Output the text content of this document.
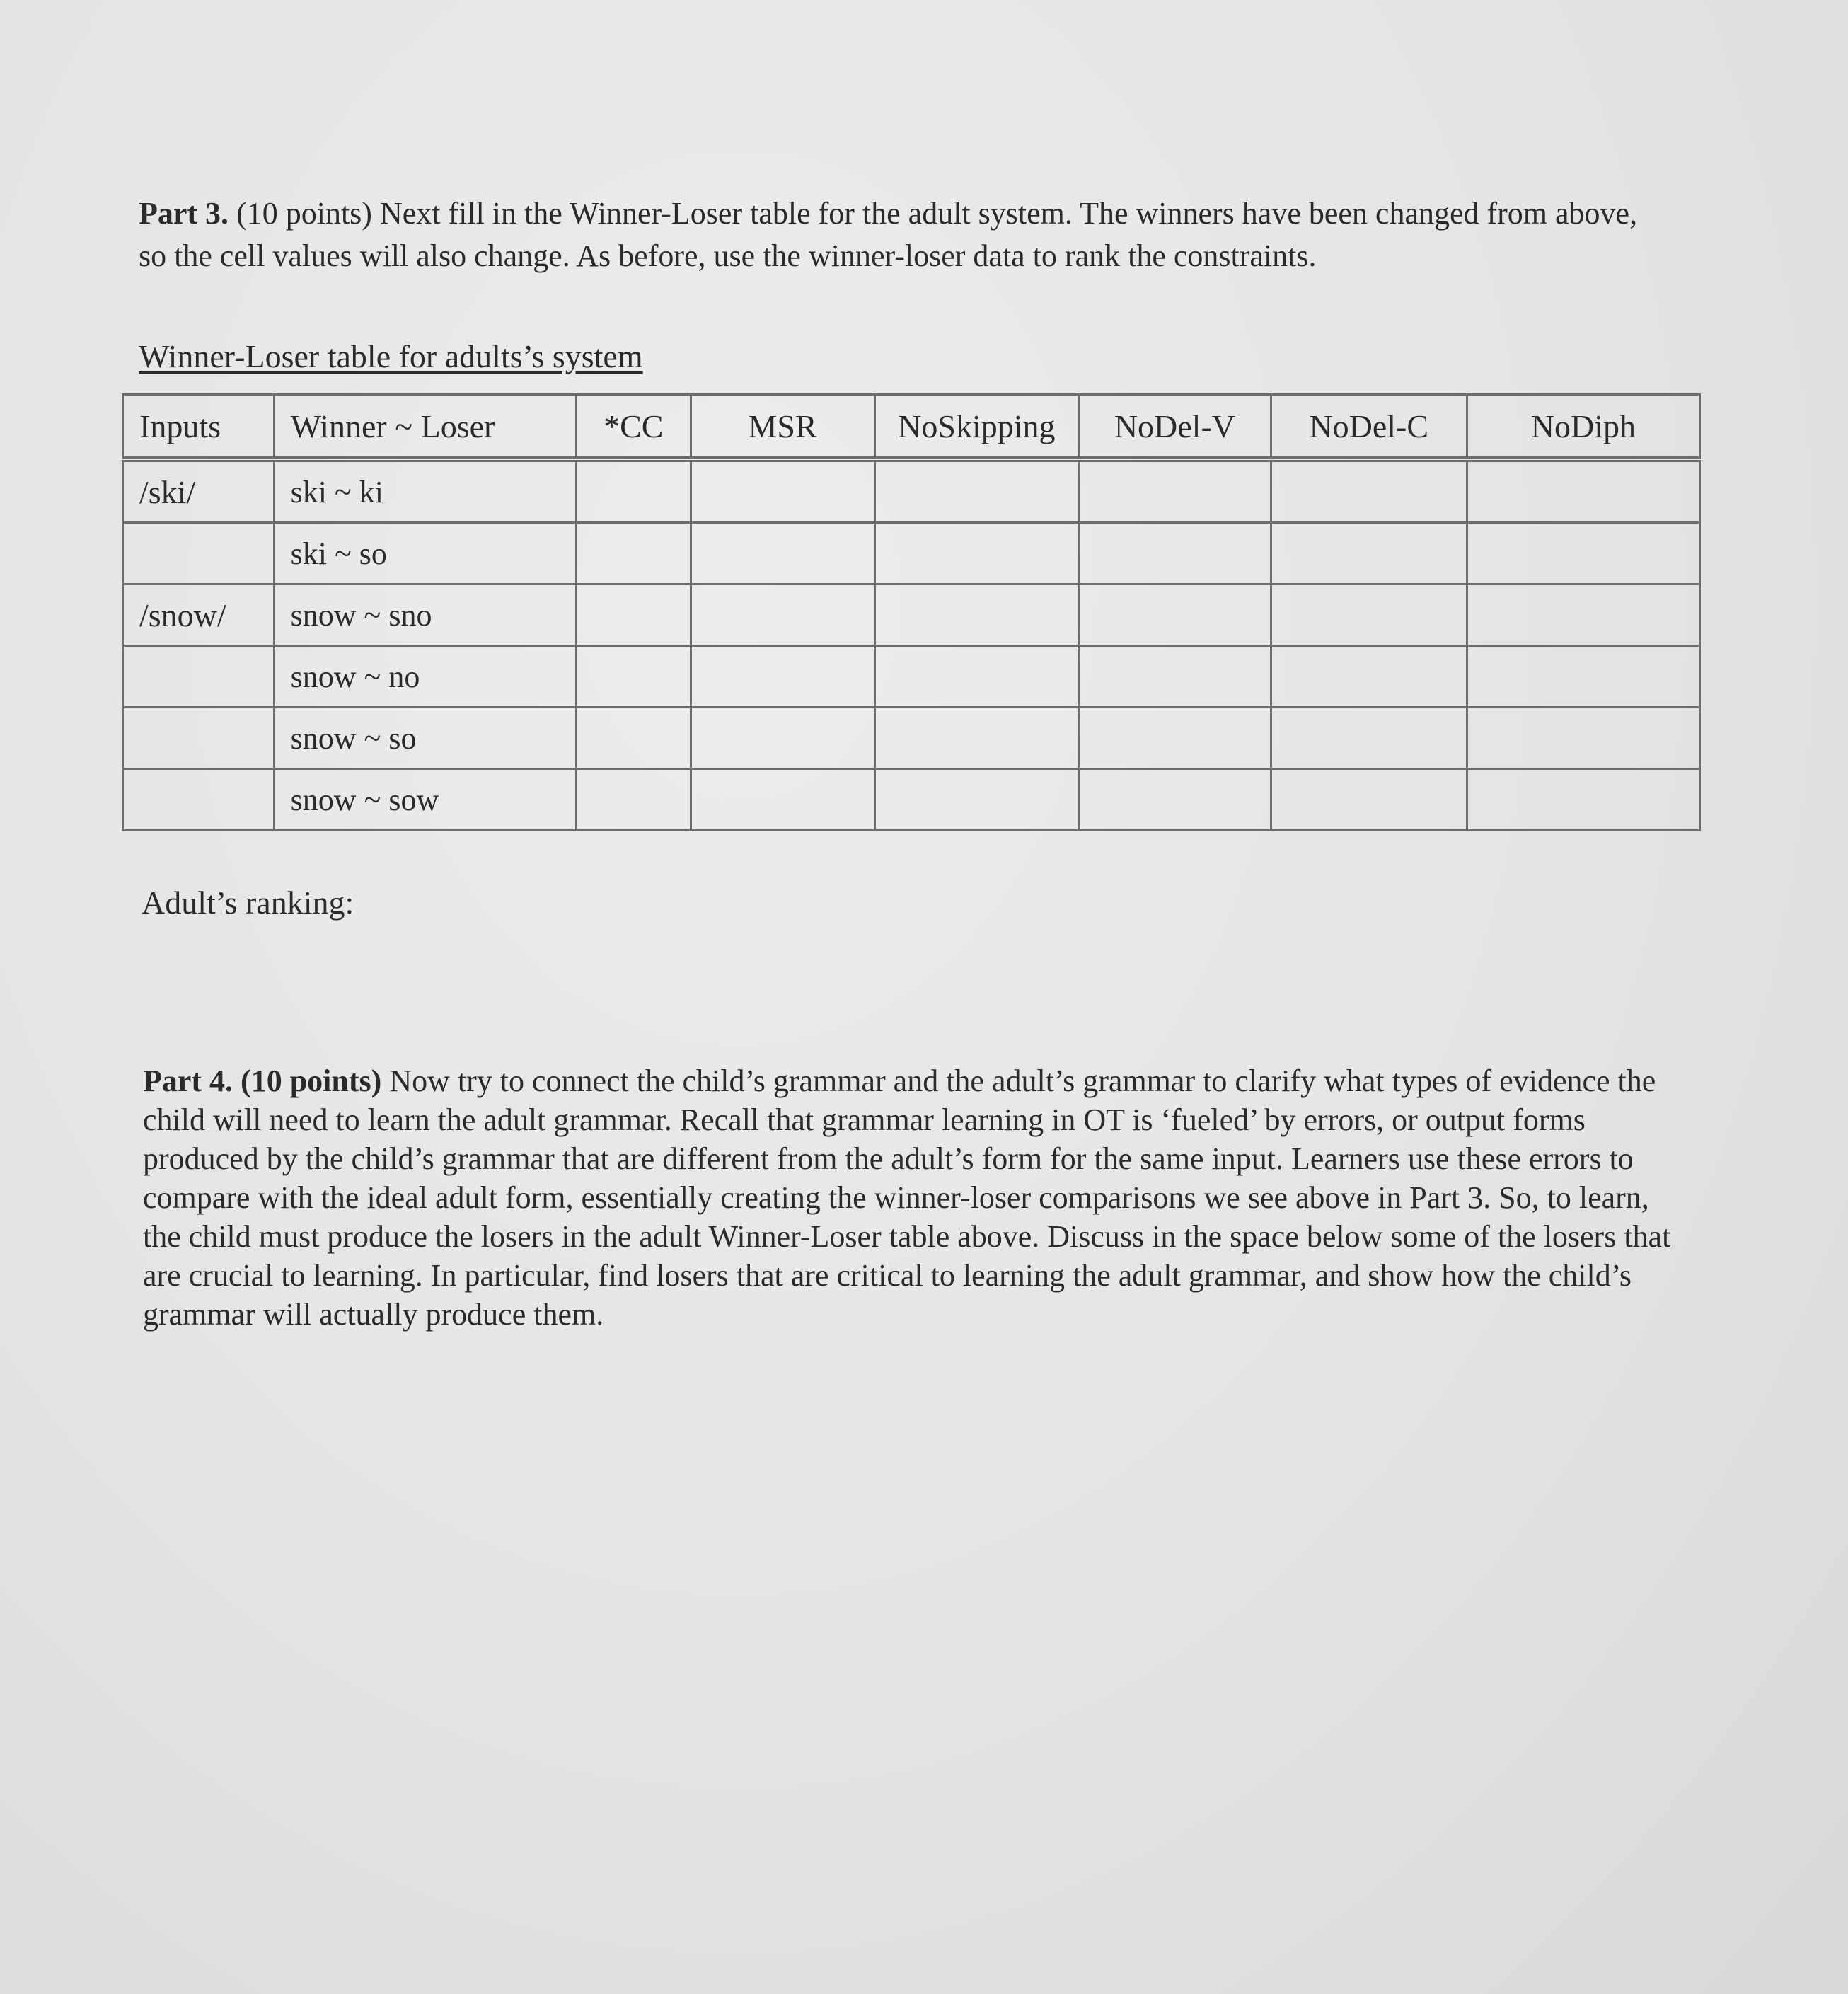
Part 3. (10 points) Next fill in the Winner-Loser table for the adult system. The winners have been changed from above, so the cell values will also change. As before, use the winner-loser data to rank the constraints.

Winner-Loser table for adults’s system

Inputs	Winner ~ Loser	*CC	MSR	NoSkipping	NoDel-V	NoDel-C	NoDiph
/ski/	ski ~ ki						
	ski ~ so						
/snow/	snow ~ sno						
	snow ~ no						
	snow ~ so						
	snow ~ sow						

Adult’s ranking:

Part 4. (10 points) Now try to connect the child’s grammar and the adult’s grammar to clarify what types of evidence the child will need to learn the adult grammar. Recall that grammar learning in OT is ‘fueled’ by errors, or output forms produced by the child’s grammar that are different from the adult’s form for the same input. Learners use these errors to compare with the ideal adult form, essentially creating the winner-loser comparisons we see above in Part 3. So, to learn, the child must produce the losers in the adult Winner-Loser table above. Discuss in the space below some of the losers that are crucial to learning. In particular, find losers that are critical to learning the adult grammar, and show how the child’s grammar will actually produce them.
